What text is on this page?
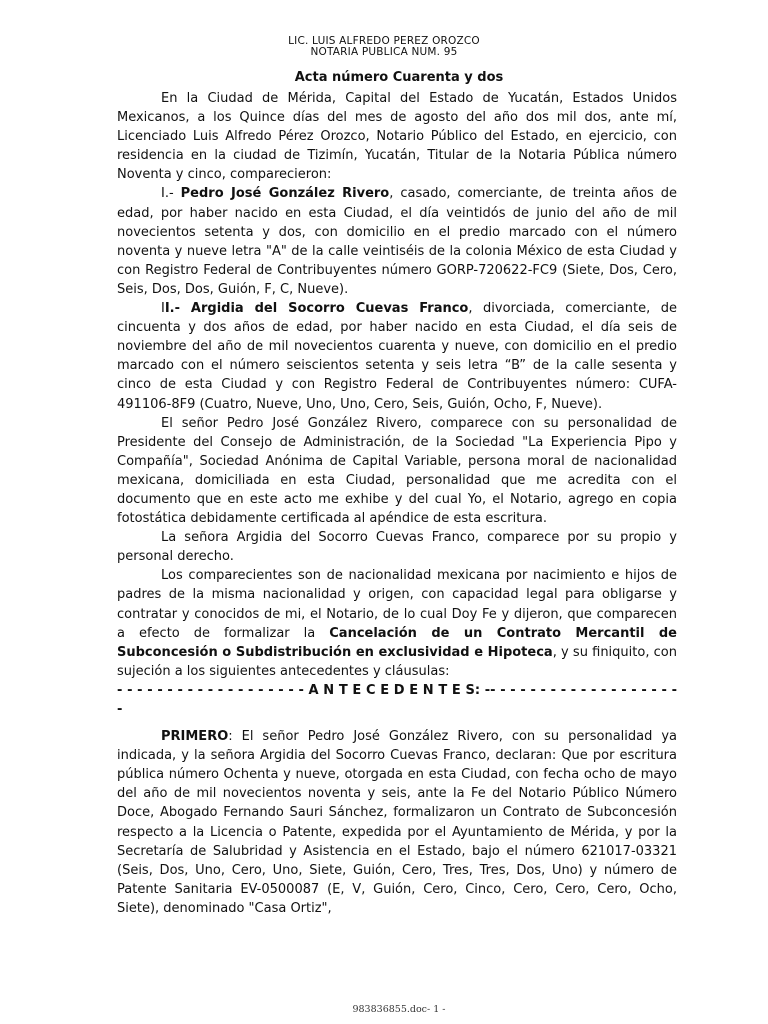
LIC. LUIS ALFREDO PEREZ OROZCO
NOTARIA PUBLICA NUM. 95
Acta número Cuarenta y dos

En la Ciudad de Mérida, Capital del Estado de Yucatán, Estados Unidos Mexicanos, a los Quince días del mes de agosto del año dos mil dos, ante mí, Licenciado Luis Alfredo Pérez Orozco, Notario Público del Estado, en ejercicio, con residencia en la ciudad de Tizimín, Yucatán, Titular de la Notaria Pública número Noventa y cinco, comparecieron:

I.- Pedro José González Rivero, casado, comerciante, de treinta años de edad, por haber nacido en esta Ciudad, el día veintidós de junio del año de mil novecientos setenta y dos, con domicilio en el predio marcado con el número noventa y nueve letra "A" de la calle veintiséis de la colonia México de esta Ciudad y con Registro Federal de Contribuyentes número GORP-720622-FC9 (Siete, Dos, Cero, Seis, Dos, Dos, Guión, F, C, Nueve).

II.- Argidia del Socorro Cuevas Franco, divorciada, comerciante, de cincuenta y dos años de edad, por haber nacido en esta Ciudad, el día seis de noviembre del año de mil novecientos cuarenta y nueve, con domicilio en el predio marcado con el número seiscientos setenta y seis letra “B” de la calle sesenta y cinco de esta Ciudad y con Registro Federal de Contribuyentes número: CUFA-491106-8F9 (Cuatro, Nueve, Uno, Uno, Cero, Seis, Guión, Ocho, F, Nueve).

El señor Pedro José González Rivero, comparece con su personalidad de Presidente del Consejo de Administración, de la Sociedad "La Experiencia Pipo y Compañía", Sociedad Anónima de Capital Variable, persona moral de nacionalidad mexicana, domiciliada en esta Ciudad, personalidad que me acredita con el documento que en este acto me exhibe y del cual Yo, el Notario, agrego en copia fotostática debidamente certificada al apéndice de esta escritura.

La señora Argidia del Socorro Cuevas Franco, comparece por su propio y personal derecho.

Los comparecientes son de nacionalidad mexicana por nacimiento e hijos de padres de la misma nacionalidad y origen, con capacidad legal para obligarse y contratar y conocidos de mi, el Notario, de lo cual Doy Fe y dijeron, que comparecen a efecto de formalizar la Cancelación de un Contrato Mercantil de Subconcesión o Subdistribución en exclusividad e Hipoteca, y su finiquito, con sujeción a los siguientes antecedentes y cláusulas:

- - - - - - - - - - - - - - - - - - - A N T E C E D E N T E S: -- - - - - - - - - - - - - - - - - - - -

PRIMERO: El señor Pedro José González Rivero, con su personalidad ya indicada, y la señora Argidia del Socorro Cuevas Franco, declaran: Que por escritura pública número Ochenta y nueve, otorgada en esta Ciudad, con fecha ocho de mayo del año de mil novecientos noventa y seis, ante la Fe del Notario Público Número Doce, Abogado Fernando Sauri Sánchez, formalizaron un Contrato de Subconcesión respecto a la Licencia o Patente, expedida por el Ayuntamiento de Mérida, y por la Secretaría de Salubridad y Asistencia en el Estado, bajo el número 621017-03321 (Seis, Dos, Uno, Cero, Uno, Siete, Guión, Cero, Tres, Tres, Dos, Uno) y número de Patente Sanitaria EV-0500087 (E, V, Guión, Cero, Cinco, Cero, Cero, Cero, Ocho, Siete), denominado "Casa Ortiz",

983836855.doc- 1 -
